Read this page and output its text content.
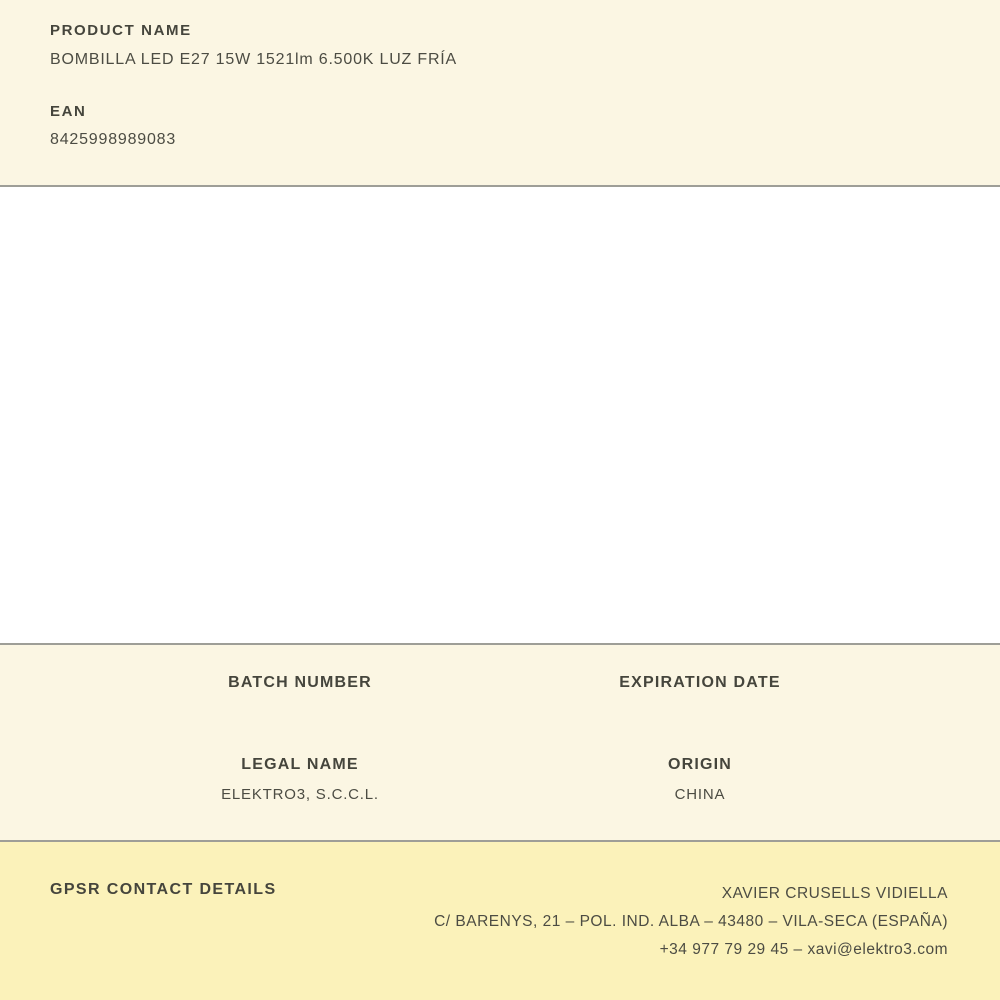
PRODUCT NAME
BOMBILLA LED E27 15W 1521lm 6.500K LUZ FRÍA
EAN
8425998989083
BATCH NUMBER	EXPIRATION DATE
LEGAL NAME
ELEKTRO3, S.C.C.L.
ORIGIN
CHINA
GPSR CONTACT DETAILS	XAVIER CRUSELLS VIDIELLA
C/ BARENYS, 21 – POL. IND. ALBA – 43480 – VILA-SECA (ESPAÑA)
+34 977 79 29 45 – xavi@elektro3.com
